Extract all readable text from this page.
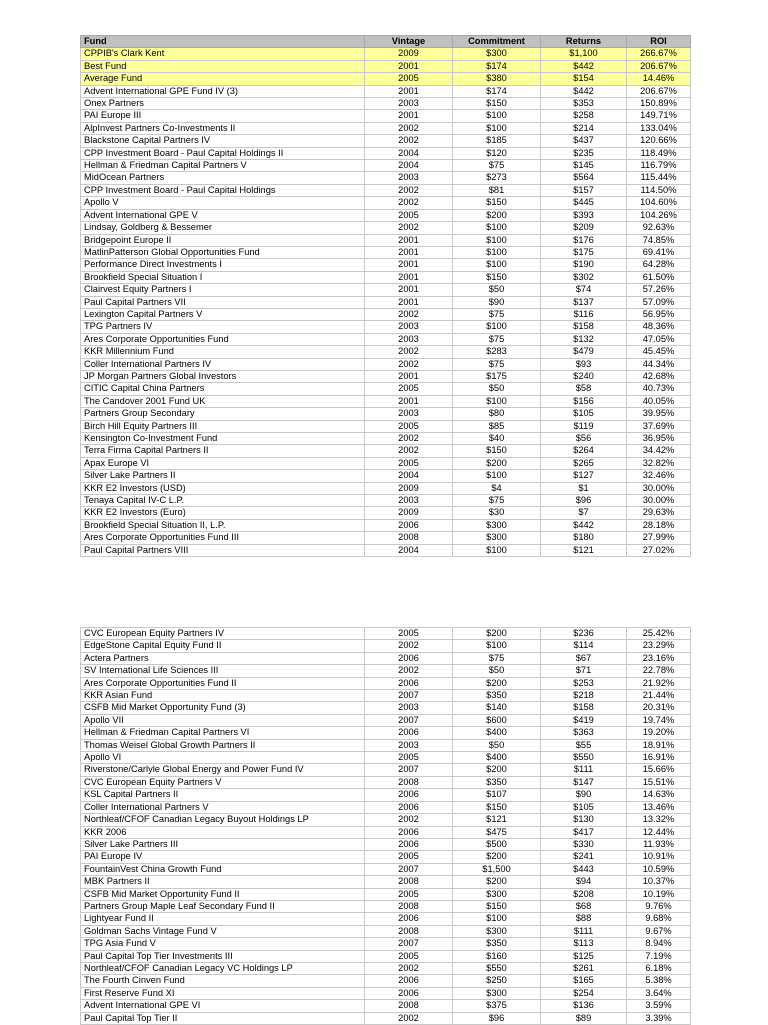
Fund	Vintage	Commitment	Returns	ROI
CPPIB's Clark Kent	2009	$300	$1,100	266.67%
Best Fund	2001	$174	$442	206.67%
Average Fund	2005	$380	$154	14.46%
Advent International GPE Fund IV (3)	2001	$174	$442	206.67%
Onex Partners	2003	$150	$353	150.89%
PAI Europe III	2001	$100	$258	149.71%
AlpInvest Partners Co-Investments II	2002	$100	$214	133.04%
Blackstone Capital Partners IV	2002	$185	$437	120.66%
CPP Investment Board - Paul Capital Holdings II	2004	$120	$235	118.49%
Hellman & Friedman Capital Partners V	2004	$75	$145	116.79%
MidOcean Partners	2003	$273	$564	115.44%
CPP Investment Board - Paul Capital Holdings	2002	$81	$157	114.50%
Apollo V	2002	$150	$445	104.60%
Advent International GPE V	2005	$200	$393	104.26%
Lindsay, Goldberg & Bessemer	2002	$100	$209	92.63%
Bridgepoint Europe II	2001	$100	$176	74.85%
MatlinPatterson Global Opportunities Fund	2001	$100	$175	69.41%
Performance Direct Investments I	2001	$100	$190	64.28%
Brookfield Special Situation I	2001	$150	$302	61.50%
Clairvest Equity Partners I	2001	$50	$74	57.26%
Paul Capital Partners VII	2001	$90	$137	57.09%
Lexington Capital Partners V	2002	$75	$116	56.95%
TPG Partners IV	2003	$100	$158	48.36%
Ares Corporate Opportunities Fund	2003	$75	$132	47.05%
KKR Millennium Fund	2002	$283	$479	45.45%
Coller International Partners IV	2002	$75	$93	44.34%
JP Morgan Partners Global Investors	2001	$175	$240	42.68%
CITIC Capital China Partners	2005	$50	$58	40.73%
The Candover 2001 Fund UK	2001	$100	$156	40.05%
Partners Group Secondary	2003	$80	$105	39.95%
Birch Hill Equity Partners III	2005	$85	$119	37.69%
Kensington Co-Investment Fund	2002	$40	$56	36.95%
Terra Firma Capital Partners II	2002	$150	$264	34.42%
Apax Europe VI	2005	$200	$265	32.82%
Silver Lake Partners II	2004	$100	$127	32.46%
KKR E2 Investors (USD)	2009	$4	$1	30.00%
Tenaya Capital IV-C L.P.	2003	$75	$96	30.00%
KKR E2 Investors (Euro)	2009	$30	$7	29.63%
Brookfield Special Situation II, L.P.	2006	$300	$442	28.18%
Ares Corporate Opportunities Fund III	2008	$300	$180	27.99%
Paul Capital Partners VIII	2004	$100	$121	27.02%
CVC European Equity Partners IV	2005	$200	$236	25.42%
EdgeStone Capital Equity Fund II	2002	$100	$114	23.29%
Actera Partners	2006	$75	$67	23.16%
SV International Life Sciences III	2002	$50	$71	22.78%
Ares Corporate Opportunities Fund II	2006	$200	$253	21.92%
KKR Asian Fund	2007	$350	$218	21.44%
CSFB Mid Market Opportunity Fund (3)	2003	$140	$158	20.31%
Apollo VII	2007	$600	$419	19.74%
Hellman & Friedman Capital Partners VI	2006	$400	$363	19.20%
Thomas Weisel Global Growth Partners II	2003	$50	$55	18.91%
Apollo VI	2005	$400	$550	16.91%
Riverstone/Carlyle Global Energy and Power Fund IV	2007	$200	$111	15.66%
CVC European Equity Partners V	2008	$350	$147	15.51%
KSL Capital Partners II	2006	$107	$90	14.63%
Coller International Partners V	2006	$150	$105	13.46%
Northleaf/CFOF Canadian Legacy Buyout Holdings LP	2002	$121	$130	13.32%
KKR 2006	2006	$475	$417	12.44%
Silver Lake Partners III	2006	$500	$330	11.93%
PAI Europe IV	2005	$200	$241	10.91%
FountainVest China Growth Fund	2007	$1,500	$443	10.59%
MBK Partners II	2008	$200	$94	10.37%
CSFB Mid Market Opportunity Fund II	2005	$300	$208	10.19%
Partners Group Maple Leaf Secondary Fund II	2008	$150	$68	9.76%
Lightyear Fund II	2006	$100	$88	9.68%
Goldman Sachs Vintage Fund V	2008	$300	$111	9.67%
TPG Asia Fund V	2007	$350	$113	8.94%
Paul Capital Top Tier Investments III	2005	$160	$125	7.19%
Northleaf/CFOF Canadian Legacy VC Holdings LP	2002	$550	$261	6.18%
The Fourth Cinven Fund	2006	$250	$165	5.38%
First Reserve Fund XI	2006	$300	$254	3.64%
Advent International GPE VI	2008	$375	$136	3.59%
Paul Capital Top Tier II	2002	$96	$89	3.39%
